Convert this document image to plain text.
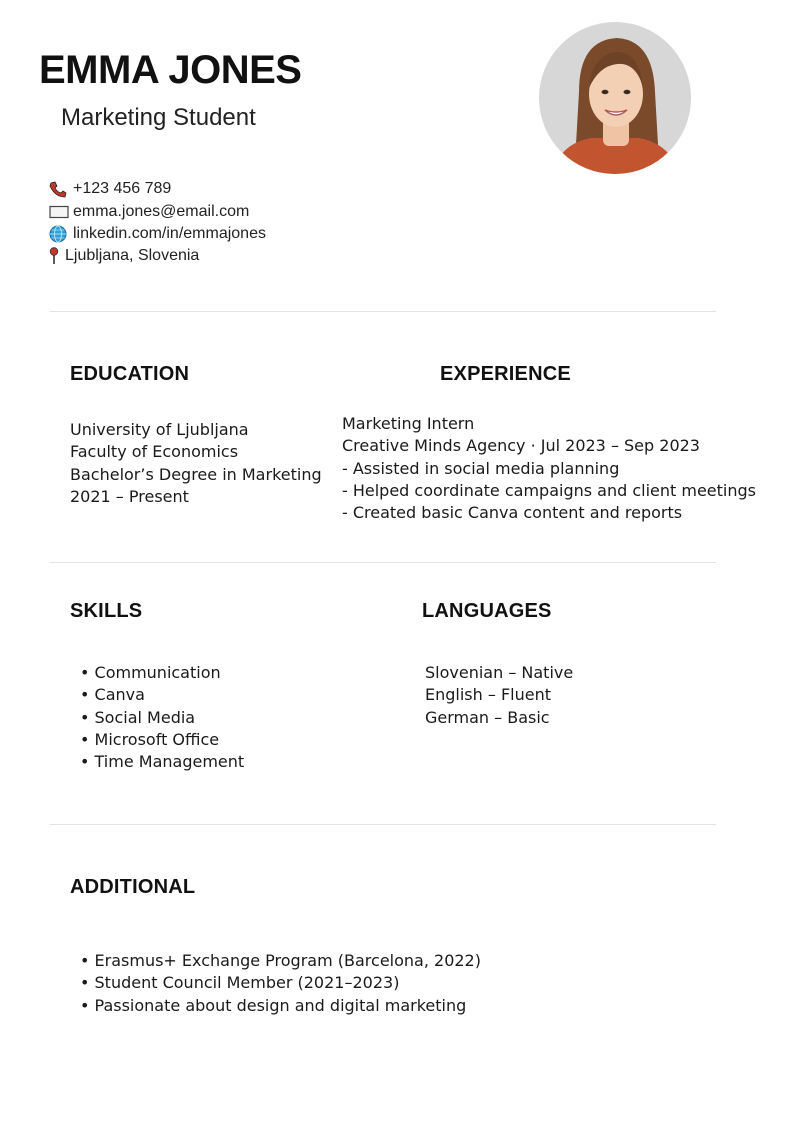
EMMA JONES
Marketing Student
+123 456 789
emma.jones@email.com
linkedin.com/in/emmajones
Ljubljana, Slovenia
EDUCATION
University of Ljubljana
Faculty of Economics
Bachelor’s Degree in Marketing
2021 – Present
EXPERIENCE
Marketing Intern
Creative Minds Agency · Jul 2023 – Sep 2023
- Assisted in social media planning
- Helped coordinate campaigns and client meetings
- Created basic Canva content and reports
SKILLS
• Communication
• Canva
• Social Media
• Microsoft Office
• Time Management
LANGUAGES
Slovenian – Native
English – Fluent
German – Basic
ADDITIONAL
• Erasmus+ Exchange Program (Barcelona, 2022)
• Student Council Member (2021–2023)
• Passionate about design and digital marketing
